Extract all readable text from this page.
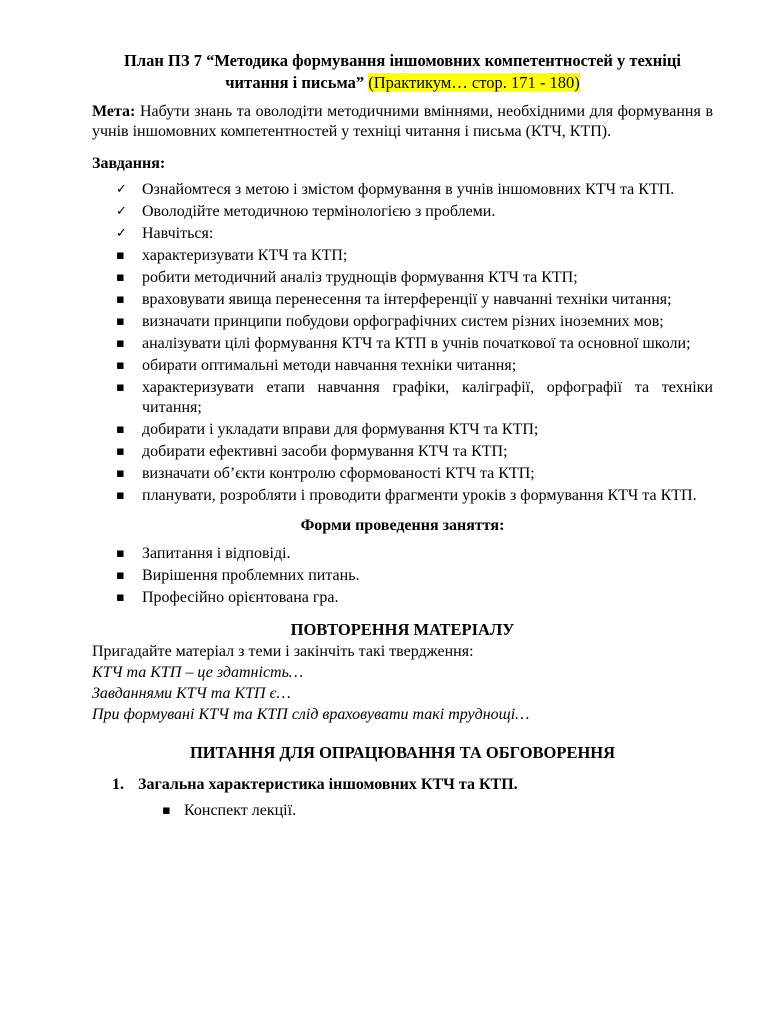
План ПЗ 7 “Методика формування іншомовних компетентностей у техніці читання і письма” (Практикум… стор. 171 - 180)

Мета: Набути знань та оволодіти методичними вміннями, необхідними для формування в учнів іншомовних компетентностей у техніці читання і письма (КТЧ, КТП).

Завдання:
✓ Ознайомтеся з метою і змістом формування в учнів іншомовних КТЧ та КТП.
✓ Оволодійте методичною термінологією з проблеми.
✓ Навчіться:
▪	характеризувати КТЧ та КТП;
▪	робити методичний аналіз труднощів формування КТЧ та КТП;
▪	враховувати явища перенесення та інтерференції у навчанні техніки читання;
▪	визначати принципи побудови орфографічних систем різних іноземних мов;
▪	аналізувати цілі формування КТЧ та КТП в учнів початкової та основної школи;
▪	обирати оптимальні методи навчання техніки читання;
▪	характеризувати етапи навчання графіки, каліграфії, орфографії та техніки читання;
▪	добирати і укладати вправи для формування КТЧ та КТП;
▪	добирати ефективні засоби формування КТЧ та КТП;
▪	визначати об’єкти контролю сформованості КТЧ та КТП;
▪	планувати, розробляти і проводити фрагменти уроків з формування КТЧ та КТП.
Форми проведення заняття:
▪	Запитання і відповіді.
▪	Вирішення проблемних питань.
▪	Професійно орієнтована гра.
ПОВТОРЕННЯ МАТЕРІАЛУ

Пригадайте матеріал з теми і закінчіть такі твердження:

КТЧ та КТП – це здатність…

Завданнями КТЧ та КТП є…

При формувані КТЧ та КТП слід враховувати такі труднощі…

ПИТАННЯ ДЛЯ ОПРАЦЮВАННЯ ТА ОБГОВОРЕННЯ
1. Загальна характеристика іншомовних КТЧ та КТП.
▪ Конспект лекції.
